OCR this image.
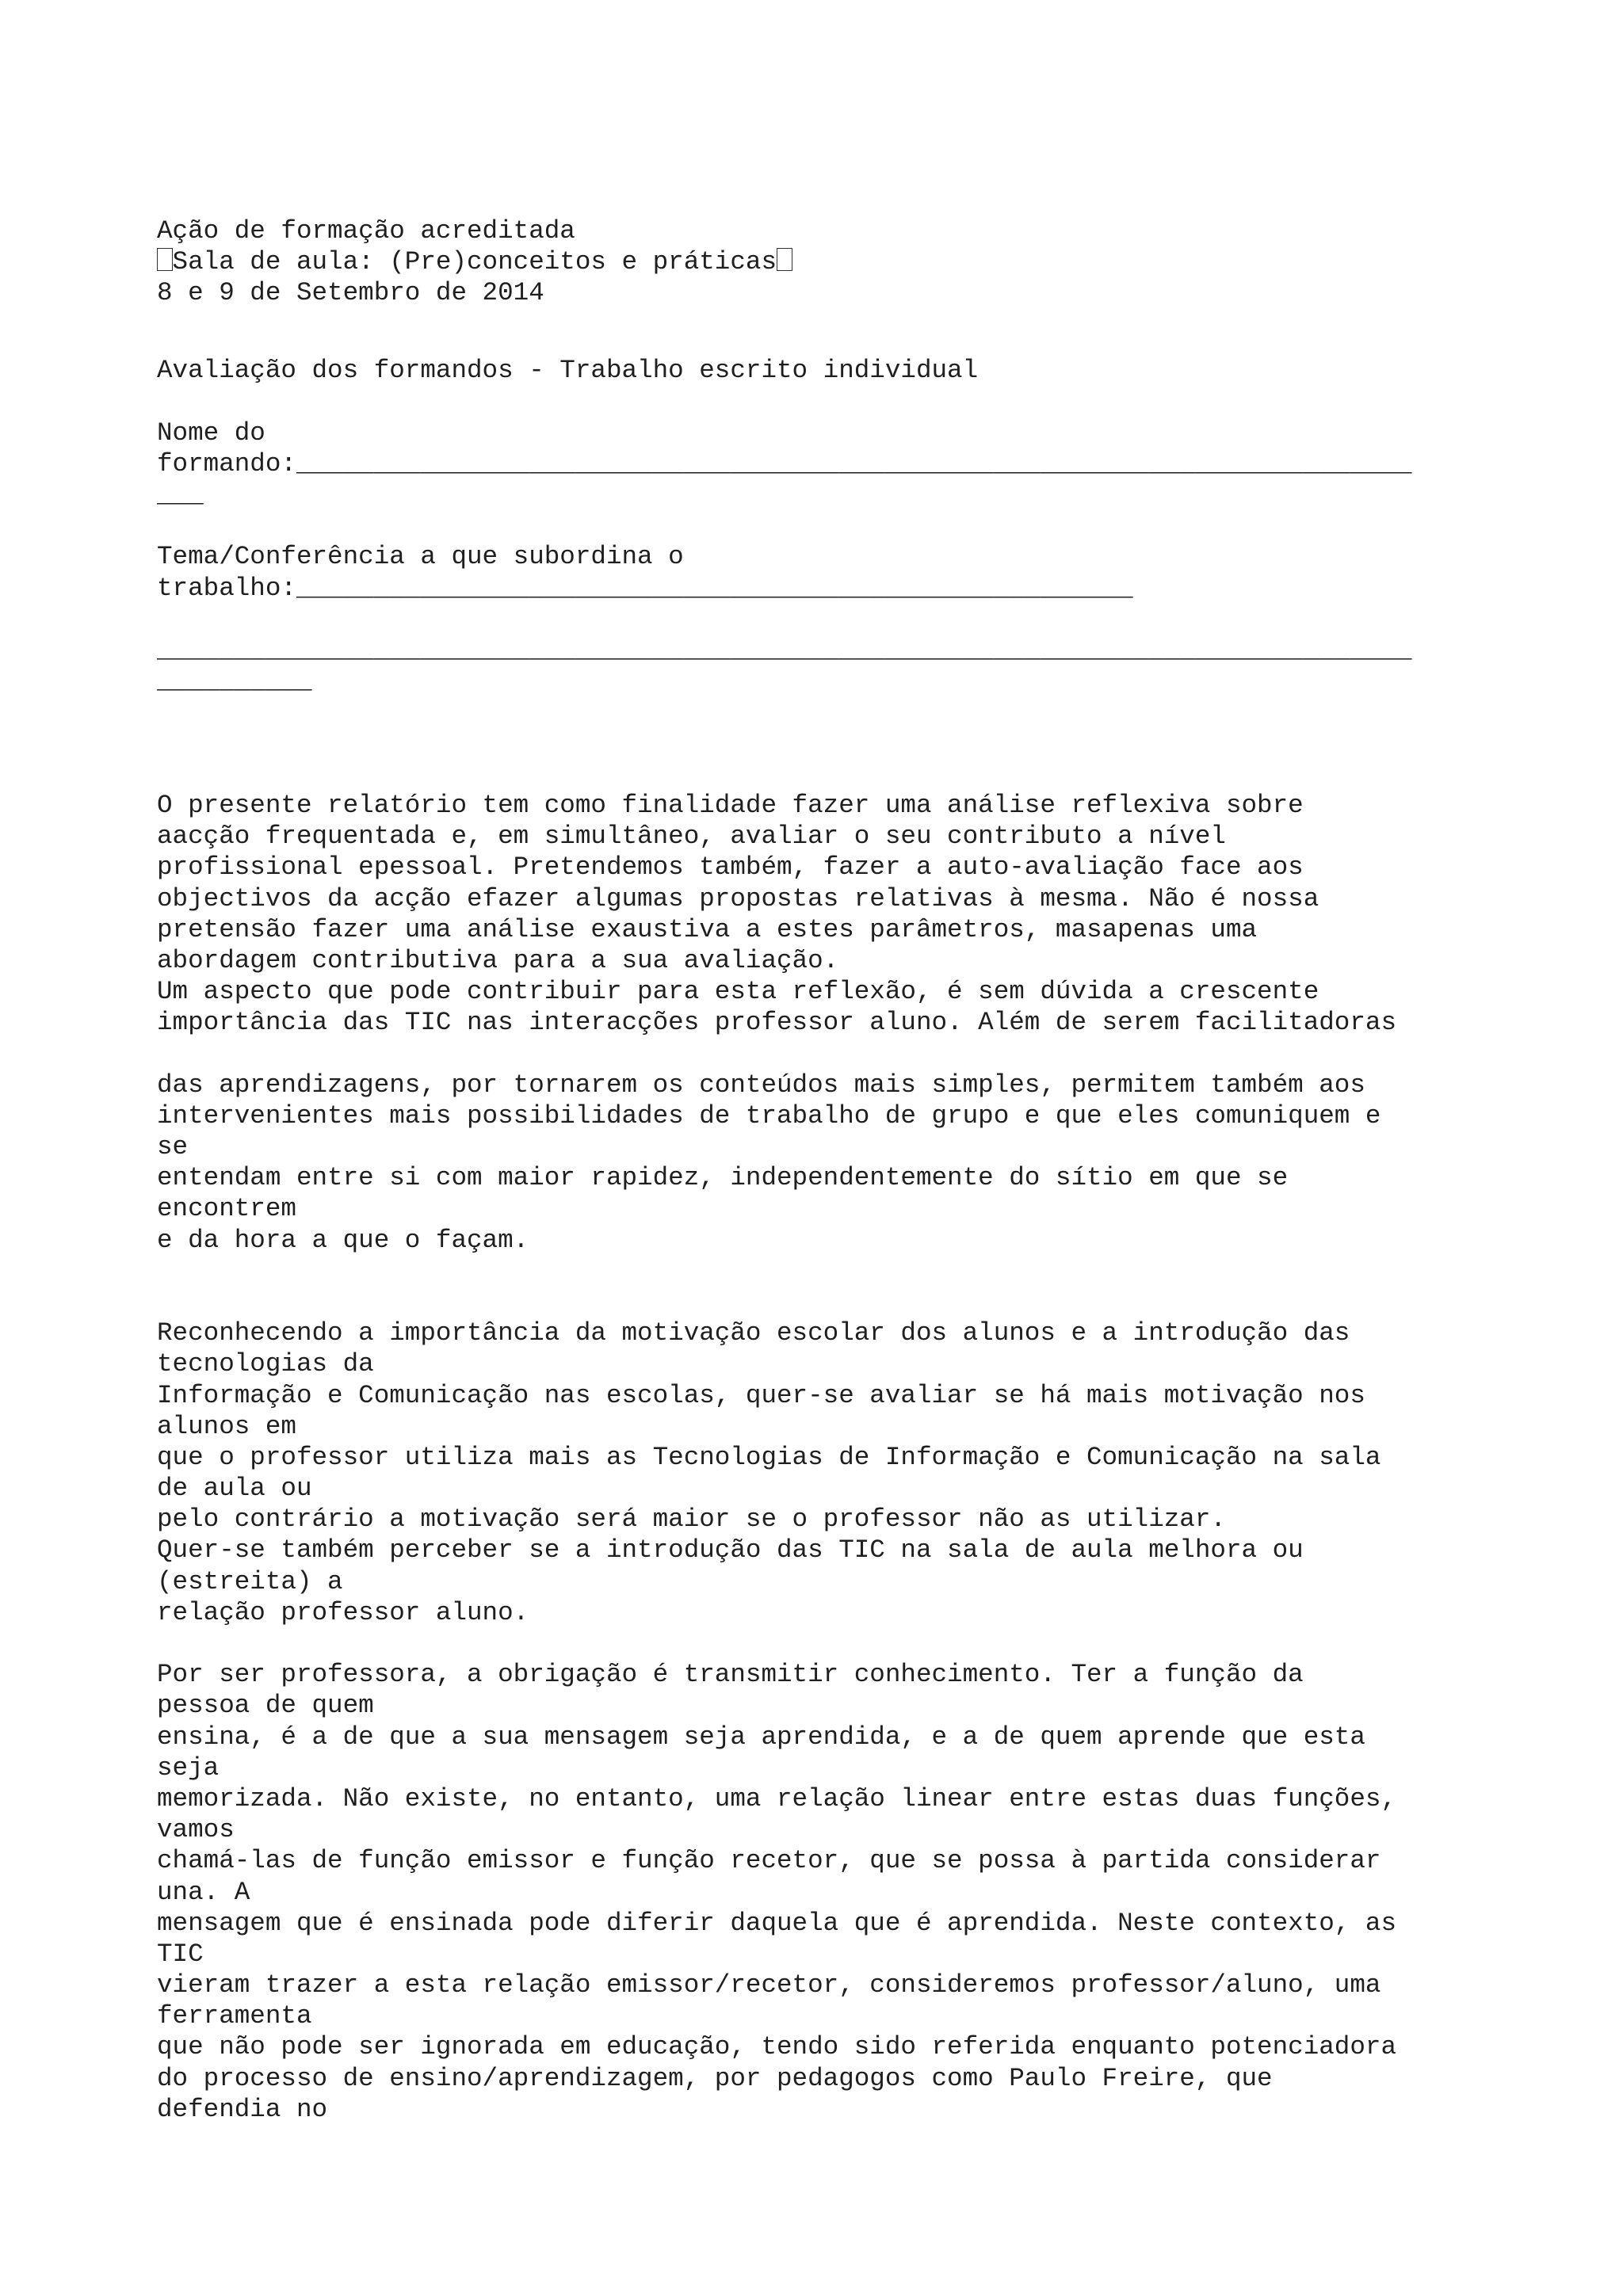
Ação de formação acreditada
Sala de aula: (Pre)conceitos e práticas
8 e 9 de Setembro de 2014
Avaliação dos formandos - Trabalho escrito individual
Nome do
formando:________________________________________________________________________
___
Tema/Conferência a que subordina o
trabalho:______________________________________________________
_________________________________________________________________________________
__________
O presente relatório tem como finalidade fazer uma análise reflexiva sobre
aacção frequentada e, em simultâneo, avaliar o seu contributo a nível
profissional epessoal. Pretendemos também, fazer a auto-avaliação face aos
objectivos da acção efazer algumas propostas relativas à mesma. Não é nossa
pretensão fazer uma análise exaustiva a estes parâmetros, masapenas uma
abordagem contributiva para a sua avaliação.
Um aspecto que pode contribuir para esta reflexão, é sem dúvida a crescente
importância das TIC nas interacções professor aluno. Além de serem facilitadoras
das aprendizagens, por tornarem os conteúdos mais simples, permitem também aos
intervenientes mais possibilidades de trabalho de grupo e que eles comuniquem e
se
entendam entre si com maior rapidez, independentemente do sítio em que se
encontrem
e da hora a que o façam.
Reconhecendo a importância da motivação escolar dos alunos e a introdução das
tecnologias da
Informação e Comunicação nas escolas, quer-se avaliar se há mais motivação nos
alunos em
que o professor utiliza mais as Tecnologias de Informação e Comunicação na sala
de aula ou
pelo contrário a motivação será maior se o professor não as utilizar.
Quer-se também perceber se a introdução das TIC na sala de aula melhora ou
(estreita) a
relação professor aluno.
Por ser professora, a obrigação é transmitir conhecimento. Ter a função da
pessoa de quem
ensina, é a de que a sua mensagem seja aprendida, e a de quem aprende que esta
seja
memorizada. Não existe, no entanto, uma relação linear entre estas duas funções,
vamos
chamá-las de função emissor e função recetor, que se possa à partida considerar
una. A
mensagem que é ensinada pode diferir daquela que é aprendida. Neste contexto, as
TIC
vieram trazer a esta relação emissor/recetor, consideremos professor/aluno, uma
ferramenta
que não pode ser ignorada em educação, tendo sido referida enquanto potenciadora
do processo de ensino/aprendizagem, por pedagogos como Paulo Freire, que
defendia no
